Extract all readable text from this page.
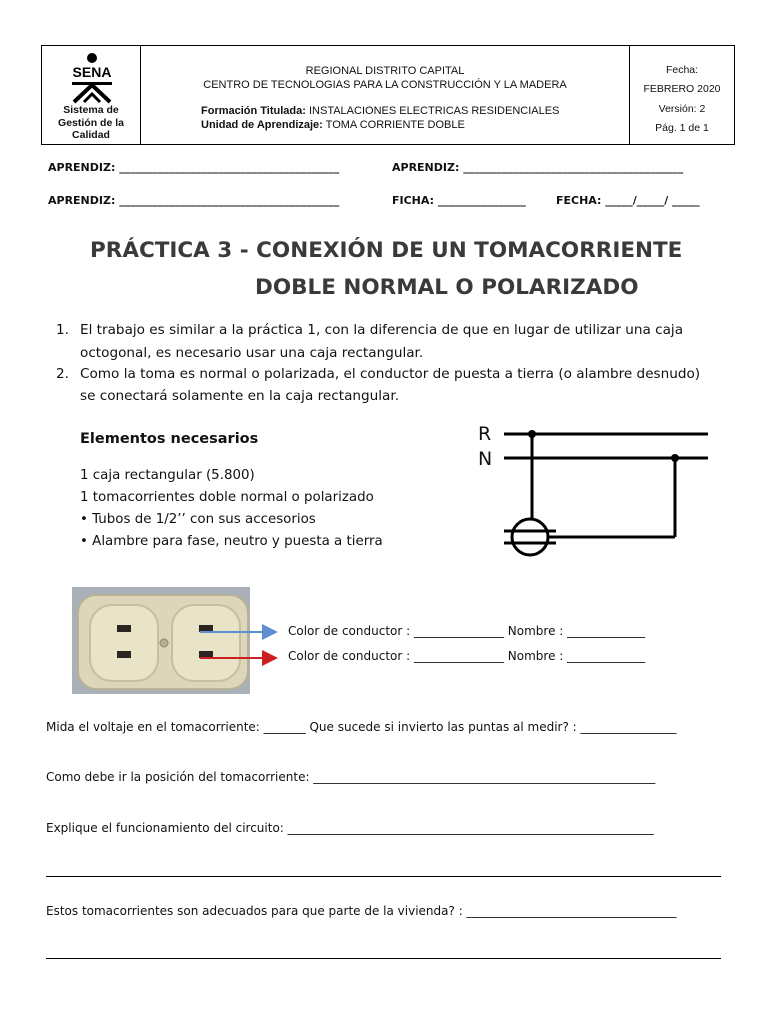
SENA
Sistema de
Gestión de la
Calidad
REGIONAL DISTRITO CAPITAL
CENTRO DE TECNOLOGIAS PARA LA CONSTRUCCIÓN Y LA MADERA
Formación Titulada: INSTALACIONES ELECTRICAS RESIDENCIALES
Unidad de Aprendizaje: TOMA CORRIENTE DOBLE
Fecha:
FEBRERO 2020
Versión: 2
Pág. 1 de 1
APRENDIZ: ________________________________________	APRENDIZ: ________________________________________
APRENDIZ: ________________________________________	FICHA: ________________	FECHA: _____/_____/ _____
PRÁCTICA 3 - CONEXIÓN DE UN TOMACORRIENTE
DOBLE NORMAL O POLARIZADO
1. El trabajo es similar a la práctica 1, con la diferencia de que en lugar de utilizar una caja
octogonal, es necesario usar una caja rectangular.
2. Como la toma es normal o polarizada, el conductor de puesta a tierra (o alambre desnudo)
se conectará solamente en la caja rectangular.
Elementos necesarios
1 caja rectangular (5.800)
1 tomacorrientes doble normal o polarizado
• Tubos de 1/2’’ con sus accesorios
• Alambre para fase, neutro y puesta a tierra
R
N
Color de conductor : _______________ Nombre : _____________
Color de conductor : _______________ Nombre : _____________
Mida el voltaje en el tomacorriente: _______ Que sucede si invierto las puntas al medir? : ________________
Como debe ir la posición del tomacorriente: _________________________________________________________
Explique el funcionamiento del circuito: _____________________________________________________________
Estos tomacorrientes son adecuados para que parte de la vivienda? : ___________________________________
